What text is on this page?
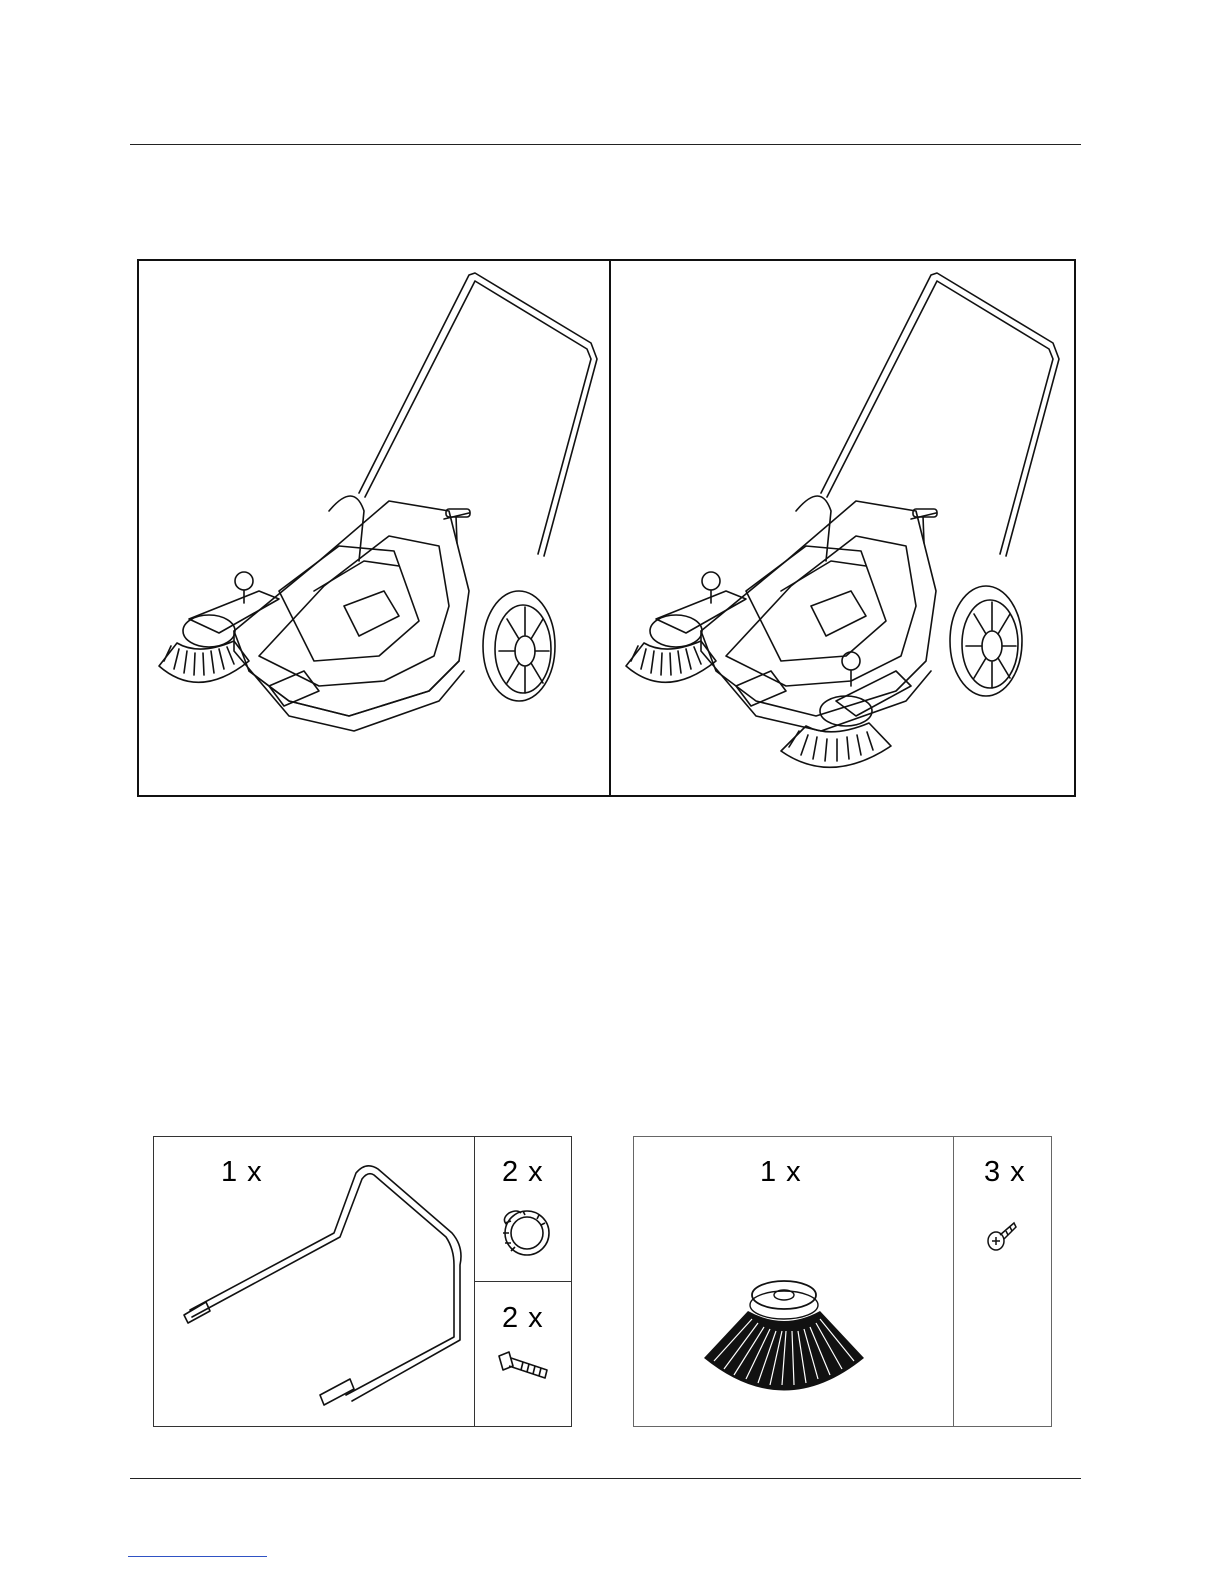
1 x	2 x
2 x
1 x	3 x
